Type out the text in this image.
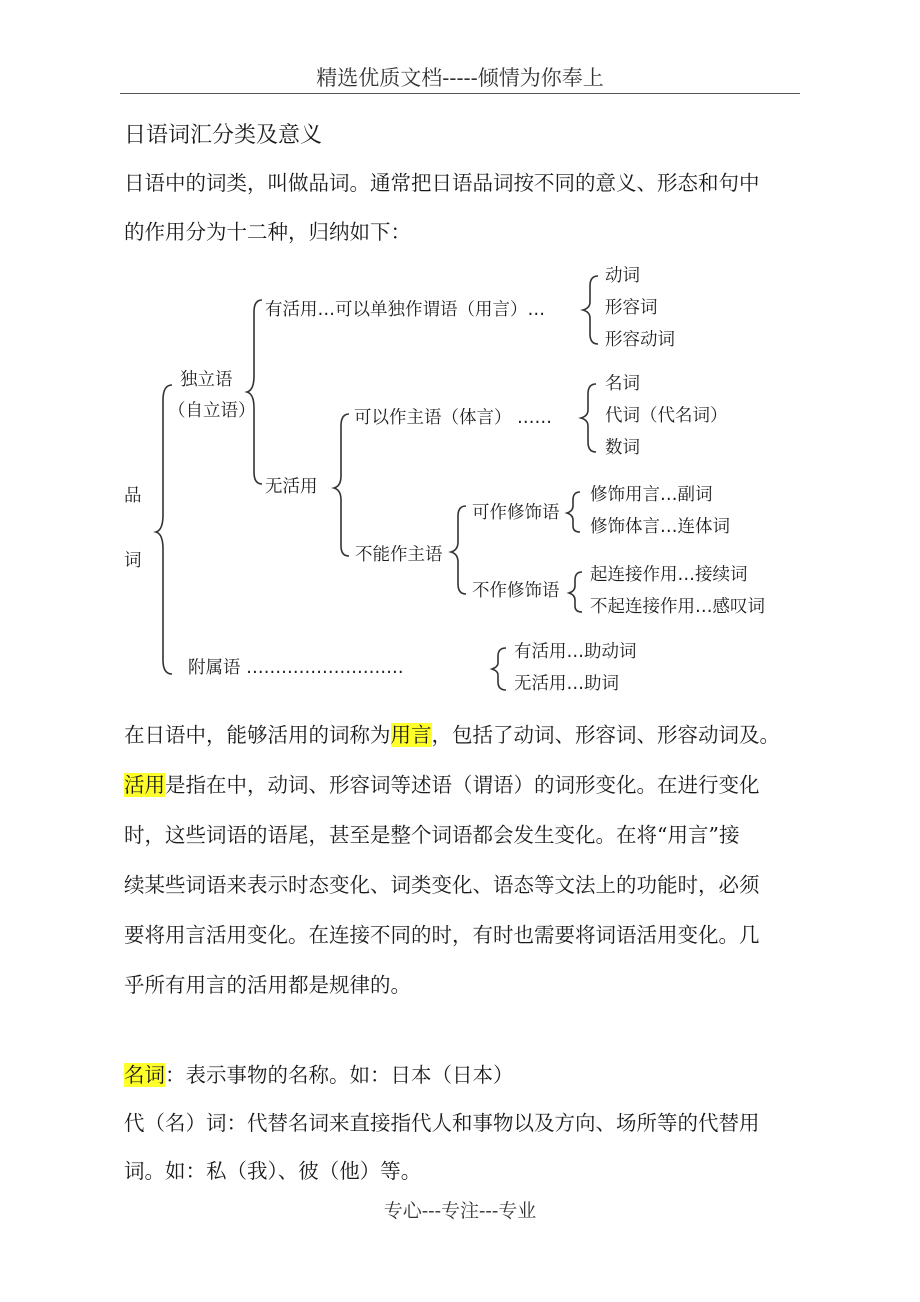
精选优质文档-----倾情为你奉上
日语词汇分类及意义
日语中的词类，叫做品词。通常把日语品词按不同的意义、形态和句中
的作用分为十二种，归纳如下：
品
词
独立语
（自立语）
有活用…可以单独作谓语（用言）…
动词
形容词
形容动词
无活用
可以作主语（体言） ……
名词
代词（代名词）
数词
不能作主语
可作修饰语
修饰用言…副词
修饰体言…连体词
不作修饰语
起连接作用…接续词
不起连接作用…感叹词
附属语 ………………………
有活用…助动词
无活用…助词
在日语中，能够活用的词称为用言，包括了动词、形容词、形容动词及。
活用是指在中，动词、形容词等述语（谓语）的词形变化。在进行变化
时，这些词语的语尾，甚至是整个词语都会发生变化。在将“用言”接
续某些词语来表示时态变化、词类变化、语态等文法上的功能时，必须
要将用言活用变化。在连接不同的时，有时也需要将词语活用变化。几
乎所有用言的活用都是规律的。
名词：表示事物的名称。如：日本（日本）
代（名）词：代替名词来直接指代人和事物以及方向、场所等的代替用
词。如：私（我）、彼（他）等。
专心---专注---专业
